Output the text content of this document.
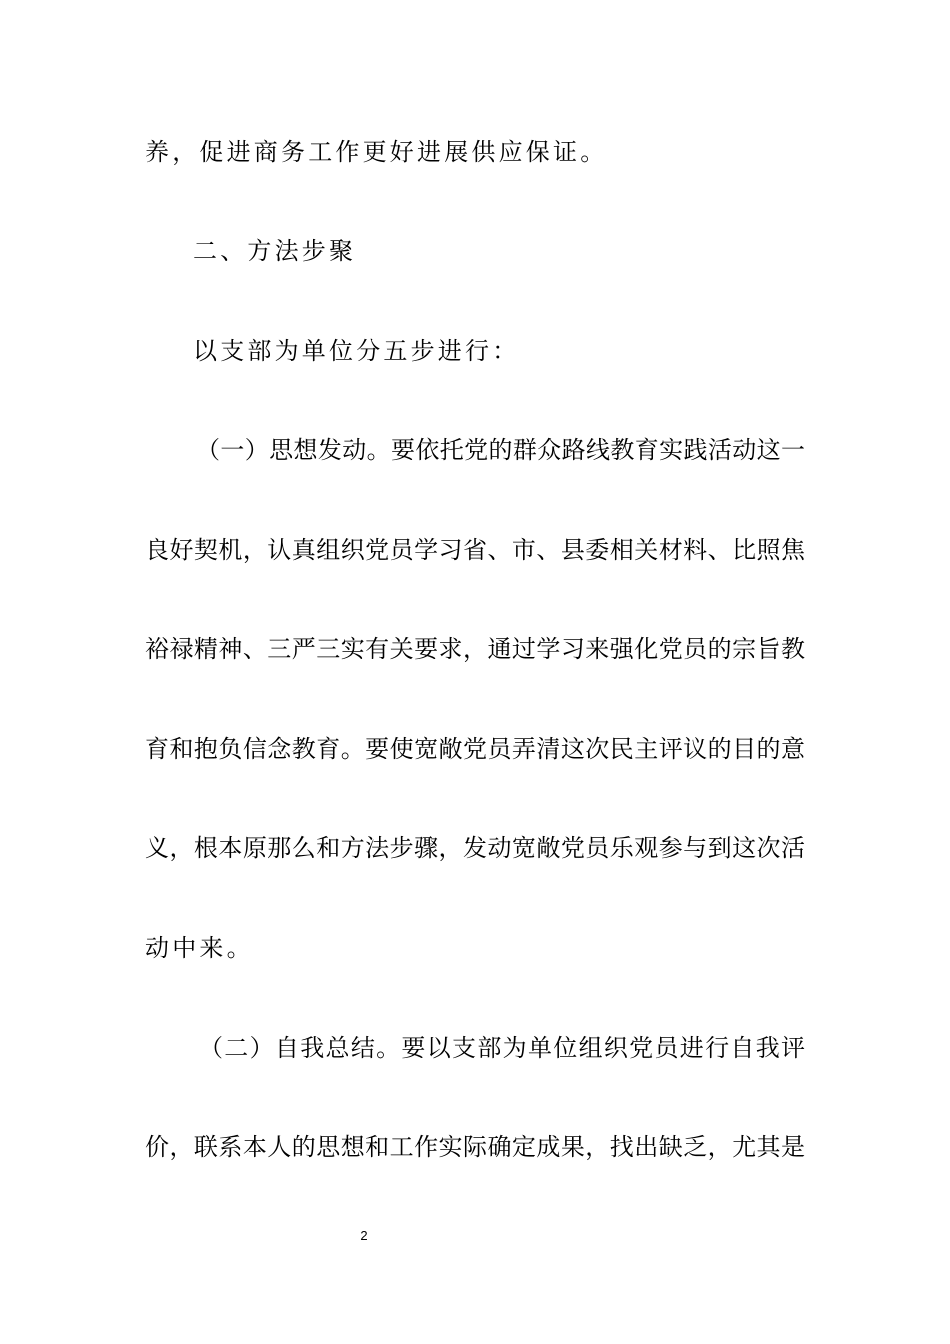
养，促进商务工作更好进展供应保证。
二、方法步聚
以支部为单位分五步进行：
（一）思想发动。要依托党的群众路线教育实践活动这一
良好契机，认真组织党员学习省、市、县委相关材料、比照焦
裕禄精神、三严三实有关要求，通过学习来强化党员的宗旨教
育和抱负信念教育。要使宽敞党员弄清这次民主评议的目的意
义，根本原那么和方法步骤，发动宽敞党员乐观参与到这次活
动中来。
（二）自我总结。要以支部为单位组织党员进行自我评
价，联系本人的思想和工作实际确定成果，找出缺乏，尤其是
2
